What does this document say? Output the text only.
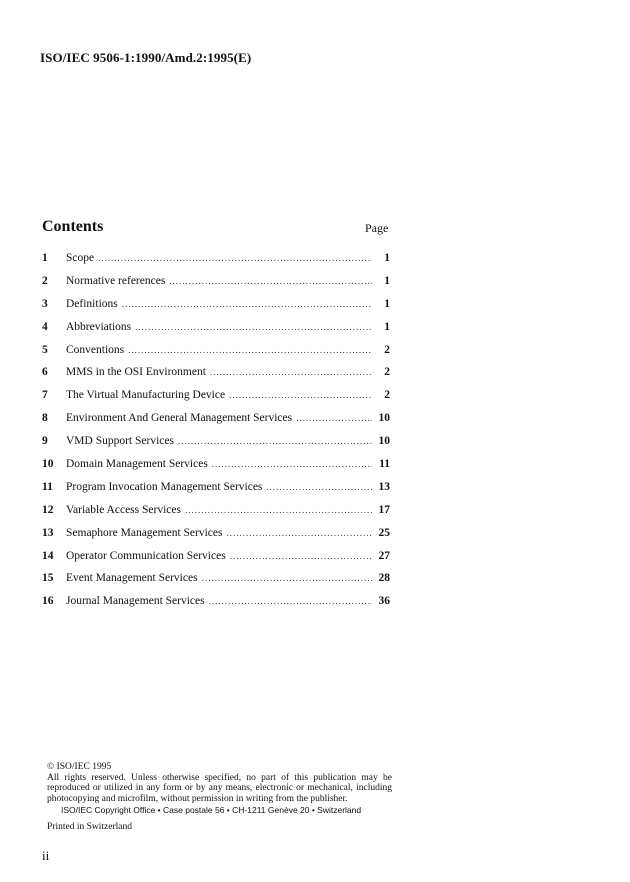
ISO/IEC 9506-1:1990/Amd.2:1995(E)
Contents	Page
1	Scope .....	1
2	Normative references .....	1
3	Definitions .....	1
4	Abbreviations .....	1
5	Conventions .....	2
6	MMS in the OSI Environment .....	2
7	The Virtual Manufacturing Device .....	2
8	Environment And General Management Services .....	10
9	VMD Support Services .....	10
10	Domain Management Services .....	11
11	Program Invocation Management Services .....	13
12	Variable Access Services .....	17
13	Semaphore Management Services .....	25
14	Operator Communication Services .....	27
15	Event Management Services .....	28
16	Journal Management Services .....	36

© ISO/IEC 1995

All rights reserved. Unless otherwise specified, no part of this publication may be reproduced or utilized in any form or by any means, electronic or mechanical, including photocopying and microfilm, without permission in writing from the publisher.

ISO/IEC Copyright Office • Case postale 56 • CH-1211 Genève 20 • Switzerland

Printed in Switzerland

ii
